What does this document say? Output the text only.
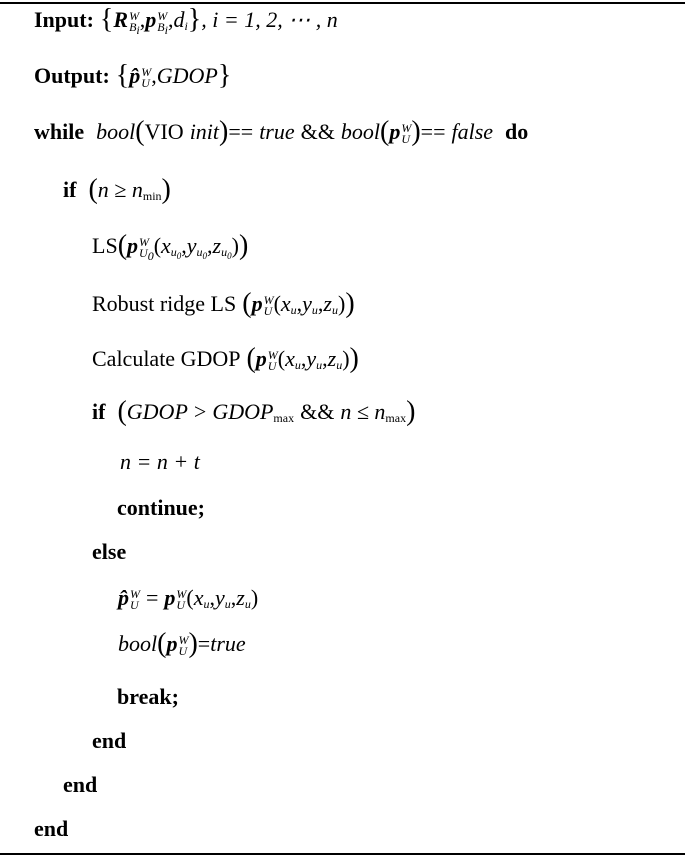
Input: { R W
Bi , p W
Bi , d i } , i = 1, 2, ⋯ , n
Output: { p̂ W
U , GDOP }
while bool ( VIO init ) == true && bool ( p W
U ) == false do
if ( n ≥ n min )
LS ( p W
U0 ( x $u_0$ , y $u_0$ , z $u_0$ ) )
Robust ridge LS ( p W
U ( x u , y u , z u ) )
Calculate GDOP ( p W
U ( x u , y u , z u ) )
if ( GDOP > GDOP max && n ≤ n max )
n = n + t
continue;
else
p̂ W
U = p W
U ( x u , y u , z u )
bool ( p W
U ) = true
break;
end
end
end
